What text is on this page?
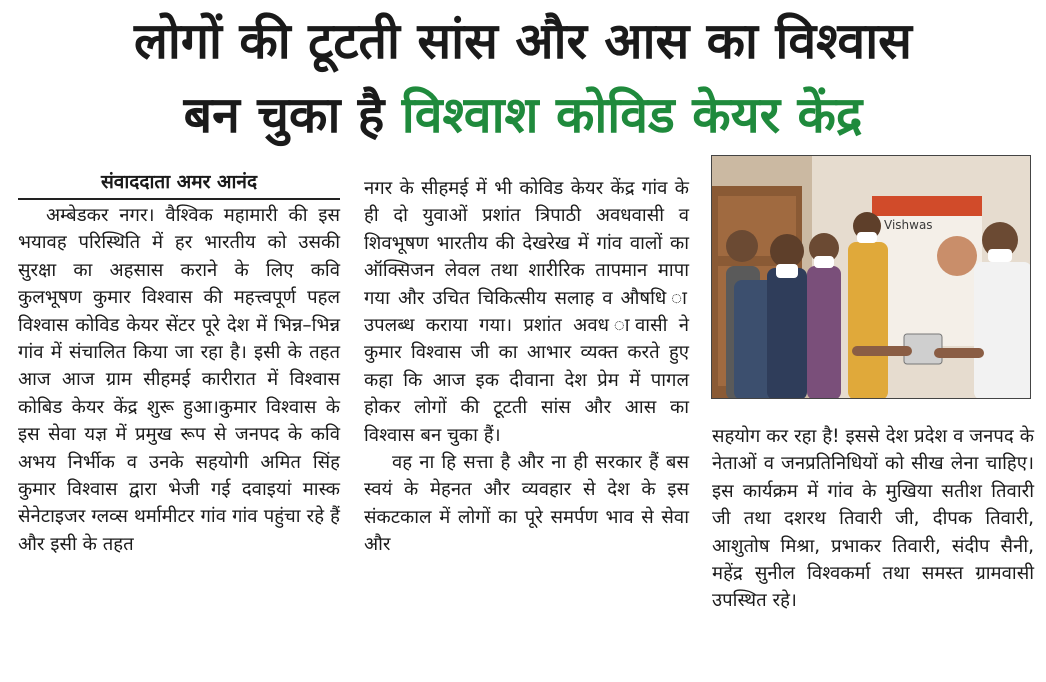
लोगों की टूटती सांस और आस का विश्वास
बन चुका है विश्वाश कोविड केयर केंद्र
संवाददाता अमर आनंद

अम्बेडकर नगर। वैश्विक महामारी की इस भयावह परिस्थिति में हर भारतीय को उसकी सुरक्षा का अहसास कराने के लिए कवि कुलभूषण कुमार विश्वास की महत्त्वपूर्ण पहल विश्वास कोविड केयर सेंटर पूरे देश में भिन्न–भिन्न गांव में संचालित किया जा रहा है। इसी के तहत आज आज ग्राम सीहमई कारीरात में विश्वास कोबिड केयर केंद्र शुरू हुआ।कुमार विश्वास के इस सेवा यज्ञ में प्रमुख रूप से जनपद के कवि अभय निर्भीक व उनके सहयोगी अमित सिंह कुमार विश्वास द्वारा भेजी गई दवाइयां मास्क सेनेटाइजर ग्लव्स थर्मामीटर गांव गांव पहुंचा रहे हैं और इसी के तहत

नगर के सीहमई में भी कोविड केयर केंद्र गांव के ही दो युवाओं प्रशांत त्रिपाठी अवधवासी व शिवभूषण भारतीय की देखरेख में गांव वालों का ऑक्सिजन लेवल तथा शारीरिक तापमान मापा गया और उचित चिकित्सीय सलाह व औषधि ा उपलब्ध कराया गया। प्रशांत अवध ावासी ने कुमार विश्वास जी का आभार व्यक्त करते हुए कहा कि आज इक दीवाना देश प्रेम में पागल होकर लोगों की टूटती सांस और आस का विश्वास बन चुका हैं।

वह ना हि सत्ता है और ना ही सरकार हैं बस स्वयं के मेहनत और व्यवहार से देश के इस संकटकाल में लोगों का पूरे समर्पण भाव से सेवा और

Vishwas

सहयोग कर रहा है! इससे देश प्रदेश व जनपद के नेताओं व जनप्रतिनिधियों को सीख लेना चाहिए। इस कार्यक्रम में गांव के मुखिया सतीश तिवारी जी तथा दशरथ तिवारी जी, दीपक तिवारी, आशुतोष मिश्रा, प्रभाकर तिवारी, संदीप सैनी, महेंद्र सुनील विश्वकर्मा तथा समस्त ग्रामवासी उपस्थित रहे।
